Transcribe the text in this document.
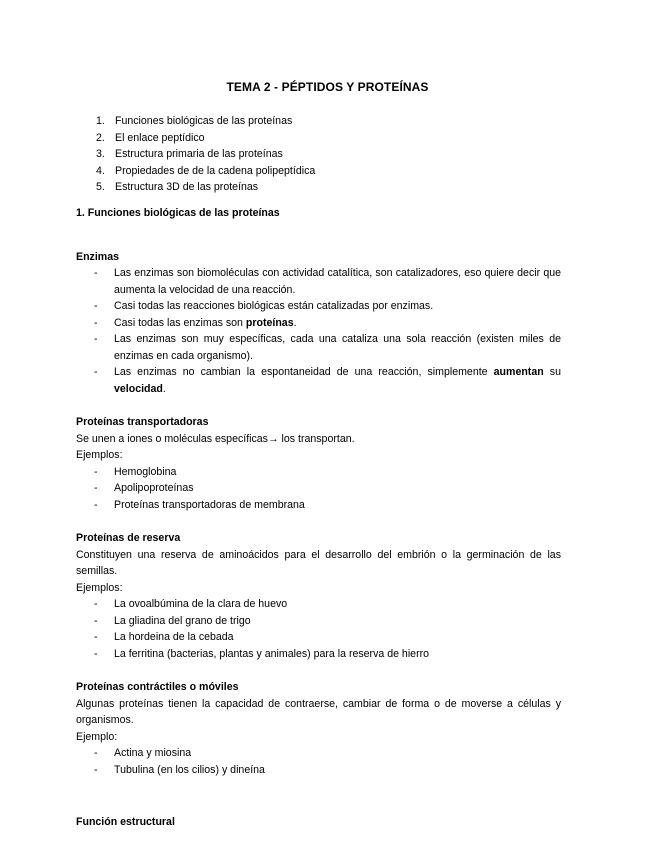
TEMA 2 - PÉPTIDOS Y PROTEÍNAS
1. Funciones biológicas de las proteínas
2. El enlace peptídico
3. Estructura primaria de las proteínas
4. Propiedades de de la cadena polipeptídica
5. Estructura 3D de las proteínas

1. Funciones biológicas de las proteínas

Enzimas

- Las enzimas son biomoléculas con actividad catalítica, son catalizadores, eso quiere decir que aumenta la velocidad de una reacción.
- Casi todas las reacciones biológicas están catalizadas por enzimas.
- Casi todas las enzimas son proteínas.
- Las enzimas son muy específicas, cada una cataliza una sola reacción (existen miles de enzimas en cada organismo).
- Las enzimas no cambian la espontaneidad de una reacción, simplemente aumentan su velocidad.

Proteínas transportadoras

Se unen a iones o moléculas específicas→ los transportan.

Ejemplos:

- Hemoglobina
- Apolipoproteínas
- Proteínas transportadoras de membrana

Proteínas de reserva

Constituyen una reserva de aminoácidos para el desarrollo del embrión o la germinación de las semillas.

Ejemplos:

- La ovoalbúmina de la clara de huevo
- La gliadina del grano de trigo
- La hordeina de la cebada
- La ferritina (bacterias, plantas y animales) para la reserva de hierro

Proteínas contráctiles o móviles

Algunas proteínas tienen la capacidad de contraerse, cambiar de forma o de moverse a células y organismos.

Ejemplo:

- Actina y miosina
- Tubulina (en los cilios) y dineína

Función estructural
